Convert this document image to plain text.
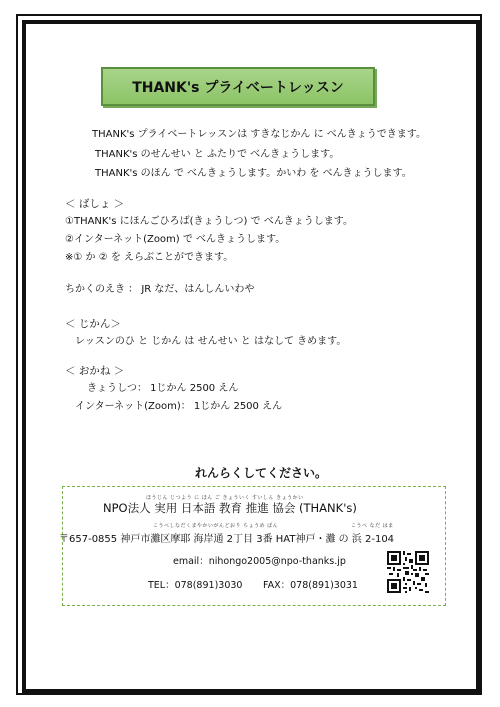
THANK's プライベートレッスン
THANK's プライベートレッスンは すきなじかん に べんきょうできます。
THANK's のせんせい と ふたりで べんきょうします。
THANK's のほん で べんきょうします。かいわ を べんきょうします。
＜ ばしょ ＞
①THANK's にほんごひろば(きょうしつ) で べんきょうします。
②インターネット(Zoom) で べんきょうします。
※① か ② を えらぶことができます。
ちかくのえき ： JR なだ、はんしんいわや
＜ じかん＞
レッスンのひ と じかん は せんせい と はなして きめます。
＜ おかね ＞
きょうしつ： 1じかん 2500 えん
インターネット(Zoom)： 1じかん 2500 えん
れんらくしてください。
ほうじん じつよう に ほん ご きょういく すいしん きょうかい
NPO法人 実用 日本語 教育 推進 協会 (THANK's)
こうべしなだくまやかいがんどおり ちょうめ ばん	こうべ なだ はま
〒657-0855 神戸市灘区摩耶 海岸通 2丁目 3番 HAT神戸・灘 の 浜 2-104
email：nihongo2005@npo-thanks.jp
TEL：078(891)3030 FAX：078(891)3031
